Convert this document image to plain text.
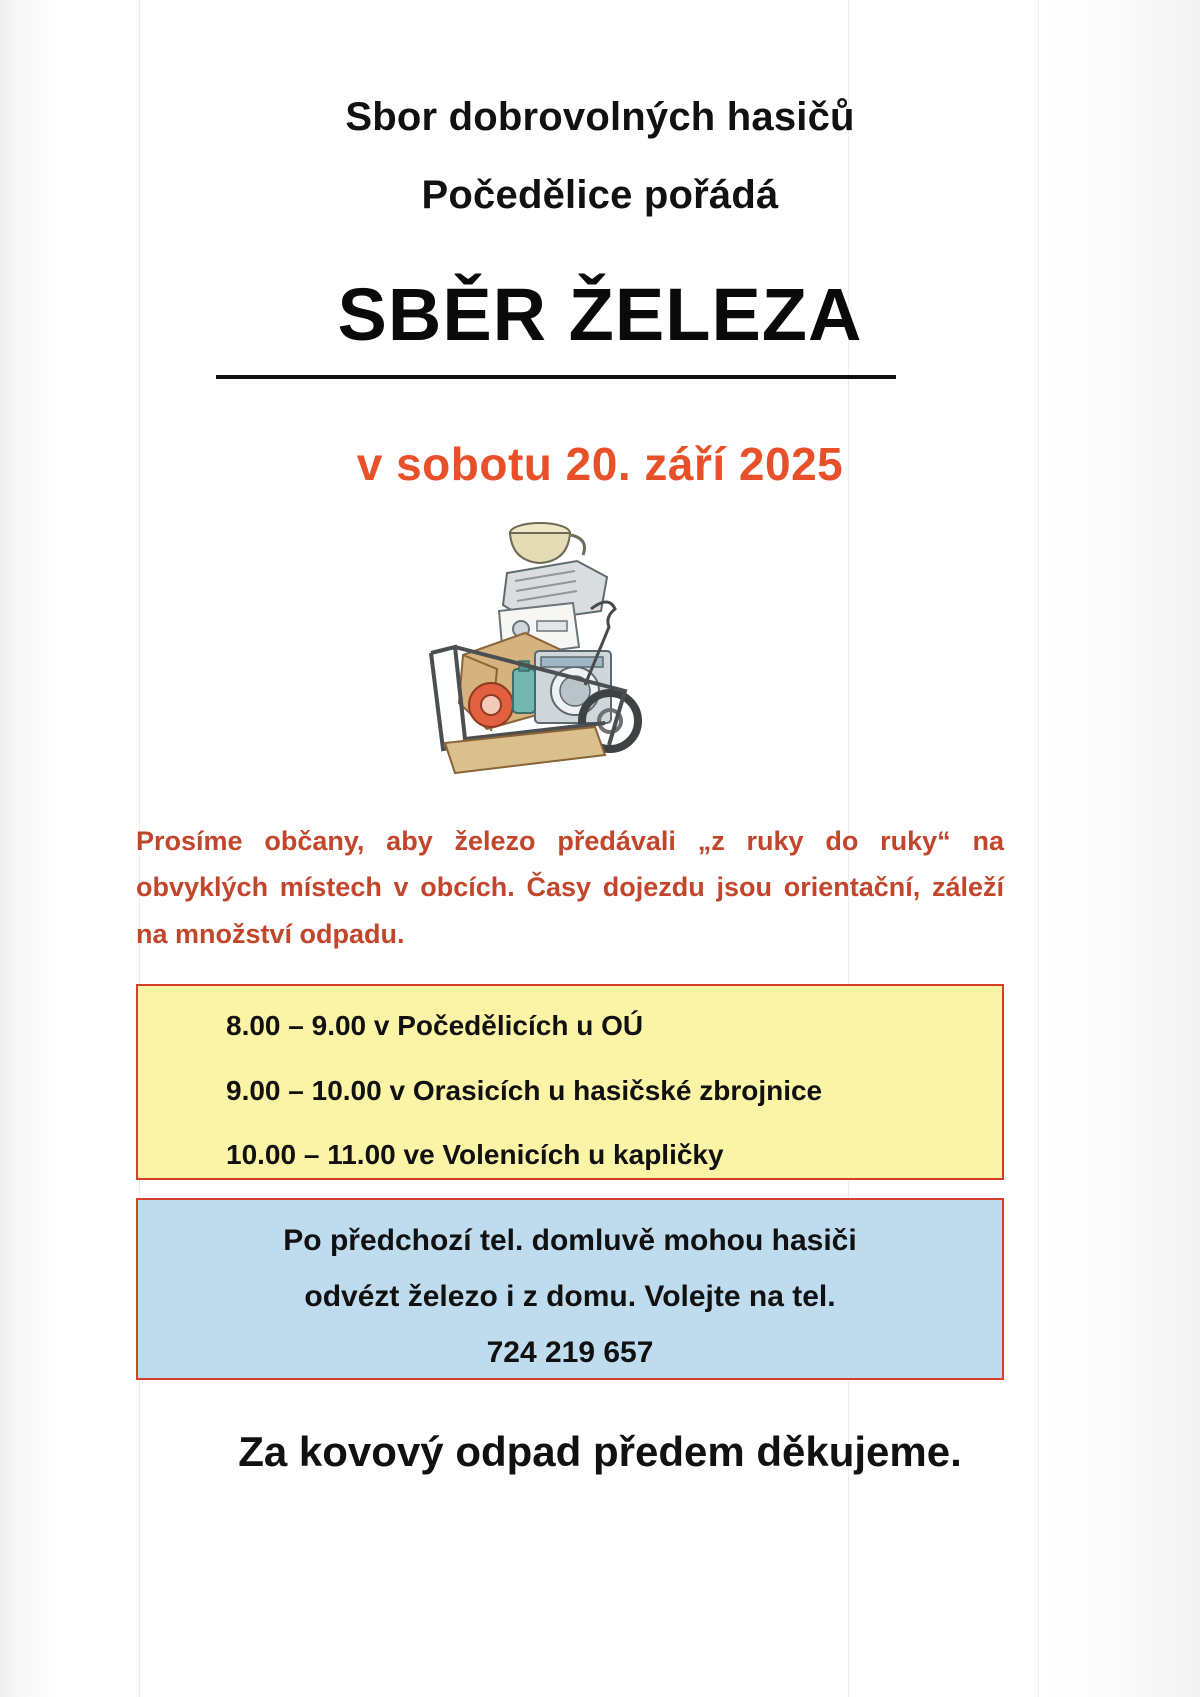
Sbor dobrovolných hasičů
Počedělice pořádá
SBĚR ŽELEZA
v sobotu 20. září 2025
Prosíme občany, aby železo předávali „z ruky do ruky“ na obvyklých místech v obcích. Časy dojezdu jsou orientační, záleží na množství odpadu.
8.00 – 9.00 v Počedělicích u OÚ
9.00 – 10.00 v Orasicích u hasičské zbrojnice
10.00 – 11.00 ve Volenicích u kapličky
Po předchozí tel. domluvě mohou hasiči
odvézt železo i z domu. Volejte na tel.
724 219 657
Za kovový odpad předem děkujeme.
